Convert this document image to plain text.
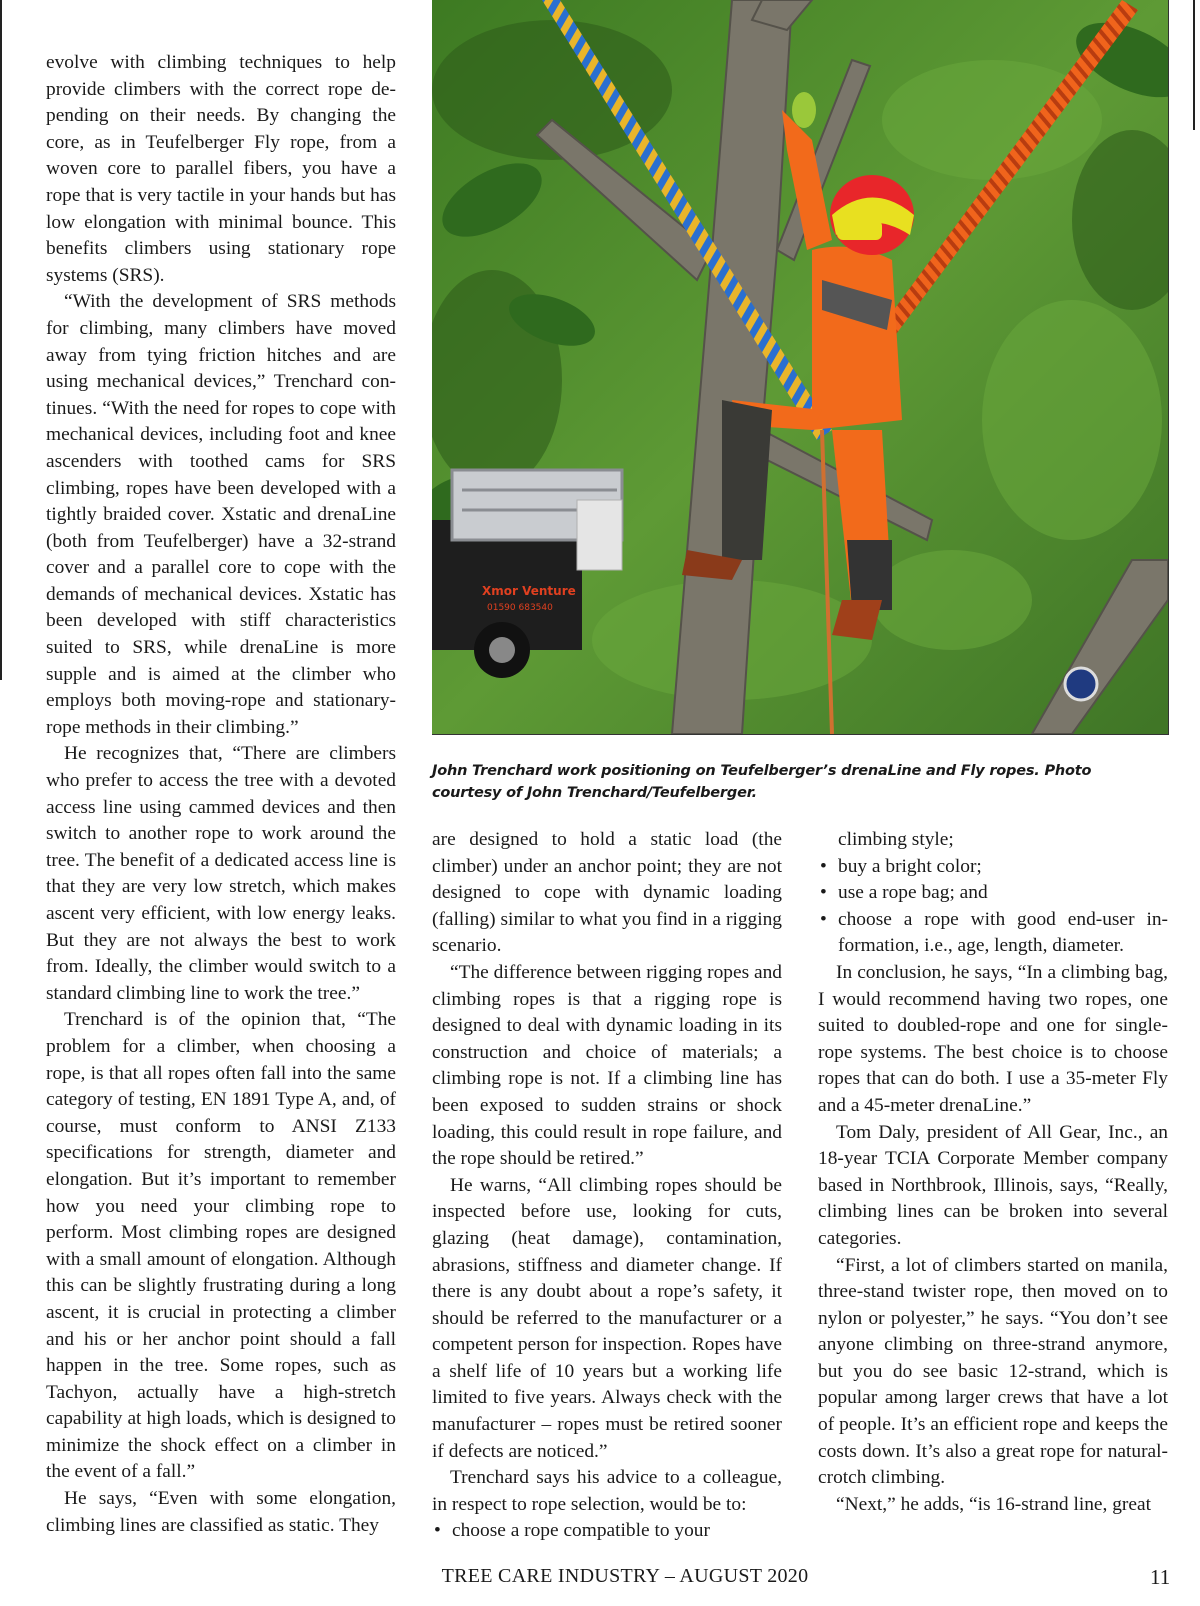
evolve with climbing techniques to help provide climbers with the correct rope depending on their needs. By changing the core, as in Teufelberger Fly rope, from a woven core to parallel fibers, you have a rope that is very tactile in your hands but has low elongation with minimal bounce. This benefits climbers using stationary rope systems (SRS).

“With the development of SRS methods for climbing, many climbers have moved away from tying friction hitches and are using mechanical devices,” Trenchard continues. “With the need for ropes to cope with mechanical devices, including foot and knee ascenders with toothed cams for SRS climbing, ropes have been developed with a tightly braided cover. Xstatic and drenaLine (both from Teufelberger) have a 32-strand cover and a parallel core to cope with the demands of mechanical devices. Xstatic has been developed with stiff characteristics suited to SRS, while drenaLine is more supple and is aimed at the climber who employs both moving-rope and stationary-rope methods in their climbing.”

He recognizes that, “There are climbers who prefer to access the tree with a devoted access line using cammed devices and then switch to another rope to work around the tree. The benefit of a dedicated access line is that they are very low stretch, which makes ascent very efficient, with low energy leaks. But they are not always the best to work from. Ideally, the climber would switch to a standard climbing line to work the tree.”

Trenchard is of the opinion that, “The problem for a climber, when choosing a rope, is that all ropes often fall into the same category of testing, EN 1891 Type A, and, of course, must conform to ANSI Z133 specifications for strength, diameter and elongation. But it’s important to remember how you need your climbing rope to perform. Most climbing ropes are designed with a small amount of elongation. Although this can be slightly frustrating during a long ascent, it is crucial in protecting a climber and his or her anchor point should a fall happen in the tree. Some ropes, such as Tachyon, actually have a high-stretch capability at high loads, which is designed to minimize the shock effect on a climber in the event of a fall.”

He says, “Even with some elongation, climbing lines are classified as static. They

Xmor Venture
01590 683540
John Trenchard work positioning on Teufelberger’s drenaLine and Fly ropes. Photo courtesy of John Trenchard/Teufelberger.

are designed to hold a static load (the climber) under an anchor point; they are not designed to cope with dynamic loading (falling) similar to what you find in a rigging scenario.

“The difference between rigging ropes and climbing ropes is that a rigging rope is designed to deal with dynamic loading in its construction and choice of materials; a climbing rope is not. If a climbing line has been exposed to sudden strains or shock loading, this could result in rope failure, and the rope should be retired.”

He warns, “All climbing ropes should be inspected before use, looking for cuts, glazing (heat damage), contamination, abrasions, stiffness and diameter change. If there is any doubt about a rope’s safety, it should be referred to the manufacturer or a competent person for inspection. Ropes have a shelf life of 10 years but a working life limited to five years. Always check with the manufacturer – ropes must be retired sooner if defects are noticed.”

Trenchard says his advice to a colleague, in respect to rope selection, would be to:

• choose a rope compatible to your
climbing style;
• buy a bright color;
• use a rope bag; and
• choose a rope with good end-user information, i.e., age, length, diameter.

In conclusion, he says, “In a climbing bag, I would recommend having two ropes, one suited to doubled-rope and one for single-rope systems. The best choice is to choose ropes that can do both. I use a 35-meter Fly and a 45-meter drenaLine.”

Tom Daly, president of All Gear, Inc., an 18-year TCIA Corporate Member company based in Northbrook, Illinois, says, “Really, climbing lines can be broken into several categories.

“First, a lot of climbers started on manila, three-stand twister rope, then moved on to nylon or polyester,” he says. “You don’t see anyone climbing on three-strand anymore, but you do see basic 12-strand, which is popular among larger crews that have a lot of people. It’s an efficient rope and keeps the costs down. It’s also a great rope for natural-crotch climbing.

“Next,” he adds, “is 16-strand line, great

TREE CARE INDUSTRY – AUGUST 2020	11
